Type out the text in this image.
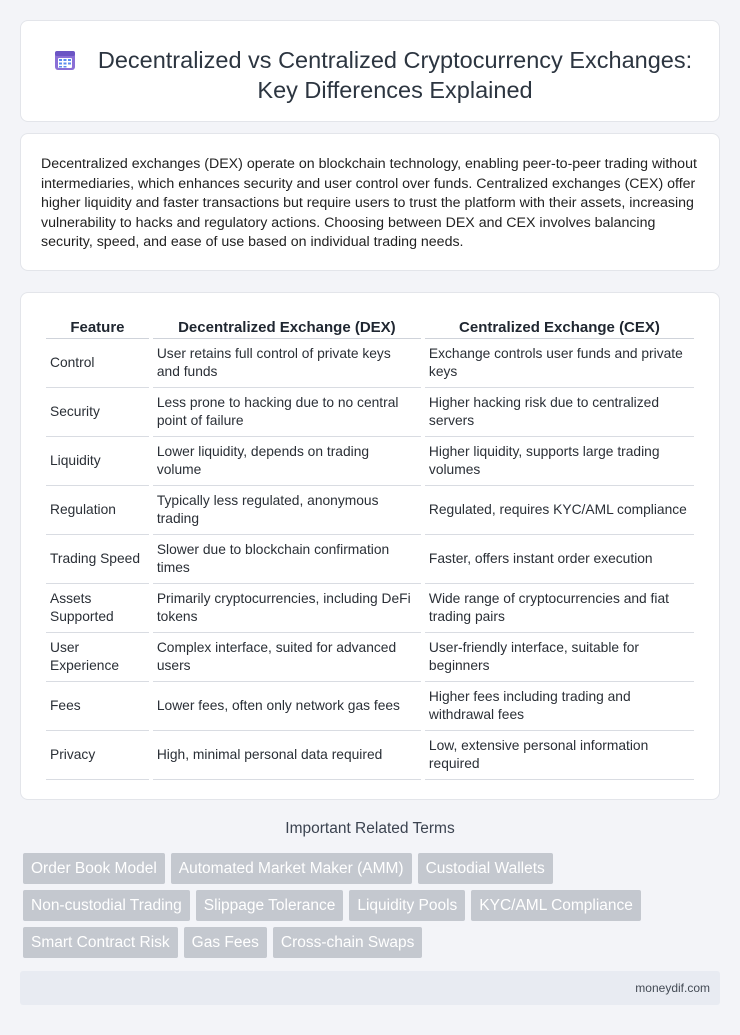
Decentralized vs Centralized Cryptocurrency Exchanges: Key Differences Explained

Decentralized exchanges (DEX) operate on blockchain technology, enabling peer-to-peer trading without intermediaries, which enhances security and user control over funds. Centralized exchanges (CEX) offer higher liquidity and faster transactions but require users to trust the platform with their assets, increasing vulnerability to hacks and regulatory actions. Choosing between DEX and CEX involves balancing security, speed, and ease of use based on individual trading needs.

Feature	Decentralized Exchange (DEX)	Centralized Exchange (CEX)
Control	User retains full control of private keys and funds	Exchange controls user funds and private keys
Security	Less prone to hacking due to no central point of failure	Higher hacking risk due to centralized servers
Liquidity	Lower liquidity, depends on trading volume	Higher liquidity, supports large trading volumes
Regulation	Typically less regulated, anonymous trading	Regulated, requires KYC/AML compliance
Trading Speed	Slower due to blockchain confirmation times	Faster, offers instant order execution
Assets Supported	Primarily cryptocurrencies, including DeFi tokens	Wide range of cryptocurrencies and fiat trading pairs
User Experience	Complex interface, suited for advanced users	User-friendly interface, suitable for beginners
Fees	Lower fees, often only network gas fees	Higher fees including trading and withdrawal fees
Privacy	High, minimal personal data required	Low, extensive personal information required
Important Related Terms
Order Book Model	Automated Market Maker (AMM)	Custodial Wallets
Non-custodial Trading	Slippage Tolerance	Liquidity Pools	KYC/AML Compliance
Smart Contract Risk	Gas Fees	Cross-chain Swaps
moneydif.com
